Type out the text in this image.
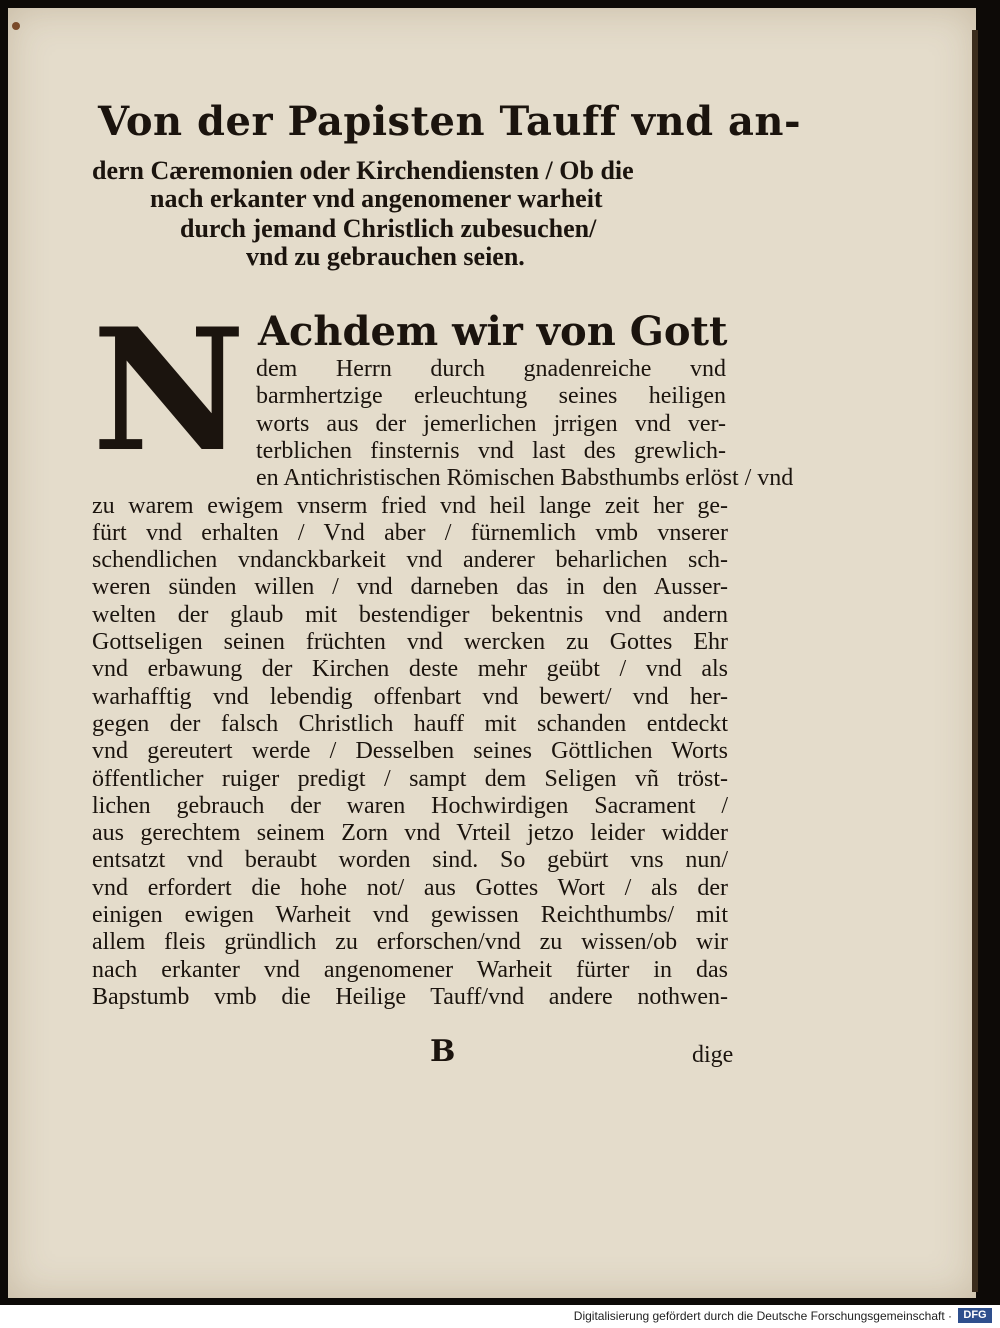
Von der Papisten Tauff vnd an-
dern Cæremonien oder Kirchendiensten / Ob die
nach erkanter vnd angenomener warheit
durch jemand Christlich zubesuchen/
vnd zu gebrauchen seien.
N Achdem wir von Gott
dem Herrn durch gnadenreiche vnd
barmhertzige erleuchtung seines heiligen
worts aus der jemerlichen jrrigen vnd ver-
terblichen finsternis vnd last des grewlich-
en Antichristischen Römischen Babsthumbs erlöst / vnd
zu warem ewigem vnserm fried vnd heil lange zeit her ge-
fürt vnd erhalten / Vnd aber / fürnemlich vmb vnserer
schendlichen vndanckbarkeit vnd anderer beharlichen sch-
weren sünden willen / vnd darneben das in den Ausser-
welten der glaub mit bestendiger bekentnis vnd andern
Gottseligen seinen früchten vnd wercken zu Gottes Ehr
vnd erbawung der Kirchen deste mehr geübt / vnd als
warhafftig vnd lebendig offenbart vnd bewert/ vnd her-
gegen der falsch Christlich hauff mit schanden entdeckt
vnd gereutert werde / Desselben seines Göttlichen Worts
öffentlicher ruiger predigt / sampt dem Seligen vñ tröst-
lichen gebrauch der waren Hochwirdigen Sacrament /
aus gerechtem seinem Zorn vnd Vrteil jetzo leider widder
entsatzt vnd beraubt worden sind. So gebürt vns nun/
vnd erfordert die hohe not/ aus Gottes Wort / als der
einigen ewigen Warheit vnd gewissen Reichthumbs/ mit
allem fleis gründlich zu erforschen/vnd zu wissen/ob wir
nach erkanter vnd angenomener Warheit fürter in das
Bapstumb vmb die Heilige Tauff/vnd andere nothwen-
B	dige
Digitalisierung gefördert durch die Deutsche Forschungsgemeinschaft ·	DFG
